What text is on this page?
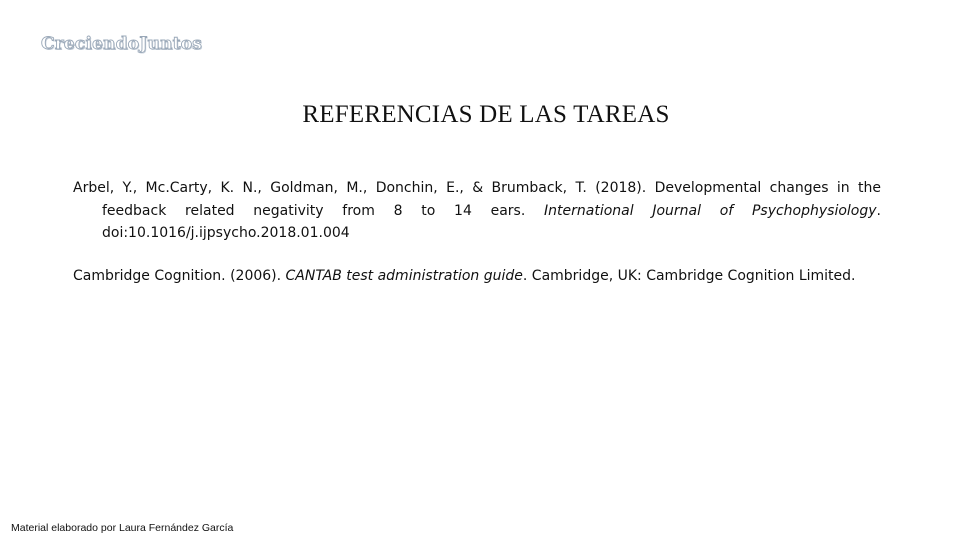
CreciendoJuntos
REFERENCIAS DE LAS TAREAS

Arbel, Y., Mc.Carty, K. N., Goldman, M., Donchin, E., & Brumback, T. (2018). Developmental changes in the feedback related negativity from 8 to 14 ears. International Journal of Psychophysiology. doi:10.1016/j.ijpsycho.2018.01.004

Cambridge Cognition. (2006). CANTAB test administration guide. Cambridge, UK: Cambridge Cognition Limited.

Material elaborado por Laura Fernández García
